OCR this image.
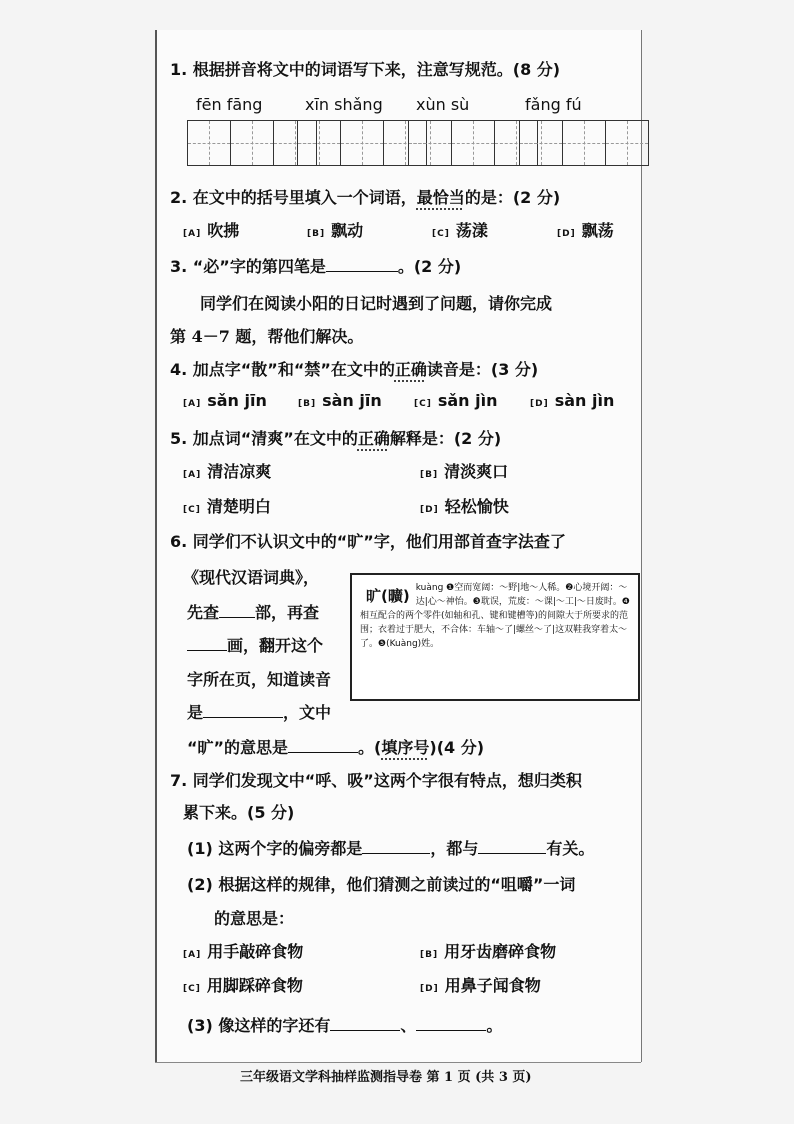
1. 根据拼音将文中的词语写下来，注意写规范。(8 分)
fēn fāng	xīn shǎng xùn sù	fǎng fú
2. 在文中的括号里填入一个词语，最恰当的是：(2 分)
[A] 吹拂	[B] 飘动	[C] 荡漾	[D] 飘荡
3. “必”字的第四笔是	。(2 分)
同学们在阅读小阳的日记时遇到了问题，请你完成
第 4－7 题，帮他们解决。
4. 加点字“散”和“禁”在文中的正确读音是：(3 分)
[A] sǎn jīn	[B] sàn jīn	[C] sǎn jìn	[D] sàn jìn
5. 加点词“清爽”在文中的正确解释是：(2 分)
[A] 清洁凉爽	[B] 清淡爽口
[C] 清楚明白	[D] 轻松愉快
6. 同学们不认识文中的“旷”字，他们用部首查字法查了
《现代汉语词典》，
先查 部，再查
画，翻开这个
字所在页，知道读音
是	，文中
“旷”的意思是	。(填序号)(4 分)
旷(曠) kuàng ❶空而宽阔：～野|地～人稀。❷心境开阔：～达|心～神怡。❸耽误，荒废：～课|～工|～日废时。❹相互配合的两个零件(如轴和孔、键和键槽等)的间隙大于所要求的范围；衣着过于肥大，不合体：车轴～了|螺丝～了|这双鞋我穿着太～了。❺(Kuàng)姓。
7. 同学们发现文中“呼、吸”这两个字很有特点，想归类积
累下来。(5 分)
(1) 这两个字的偏旁都是	，都与	有关。
(2) 根据这样的规律，他们猜测之前读过的“咀嚼”一词
的意思是：
[A] 用手敲碎食物	[B] 用牙齿磨碎食物
[C] 用脚踩碎食物	[D] 用鼻子闻食物
(3) 像这样的字还有	、	。
三年级语文学科抽样监测指导卷 第 1 页 (共 3 页)
